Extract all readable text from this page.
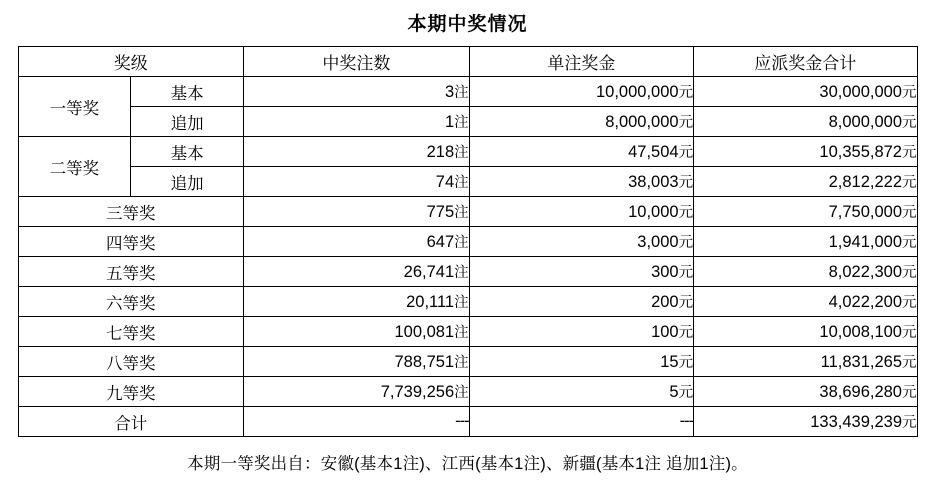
本期中奖情况
奖级		中奖注数	单注奖金	应派奖金合计
一等奖	基本	3注	10,000,000元	30,000,000元
	追加	1注	8,000,000元	8,000,000元
二等奖	基本	218注	47,504元	10,355,872元
	追加	74注	38,003元	2,812,222元
三等奖		775注	10,000元	7,750,000元
四等奖		647注	3,000元	1,941,000元
五等奖		26,741注	300元	8,022,300元
六等奖		20,111注	200元	4,022,200元
七等奖		100,081注	100元	10,008,100元
八等奖		788,751注	15元	11,831,265元
九等奖		7,739,256注	5元	38,696,280元
合计		---	---	133,439,239元
本期一等奖出自：安徽(基本1注)、江西(基本1注)、新疆(基本1注 追加1注)。
